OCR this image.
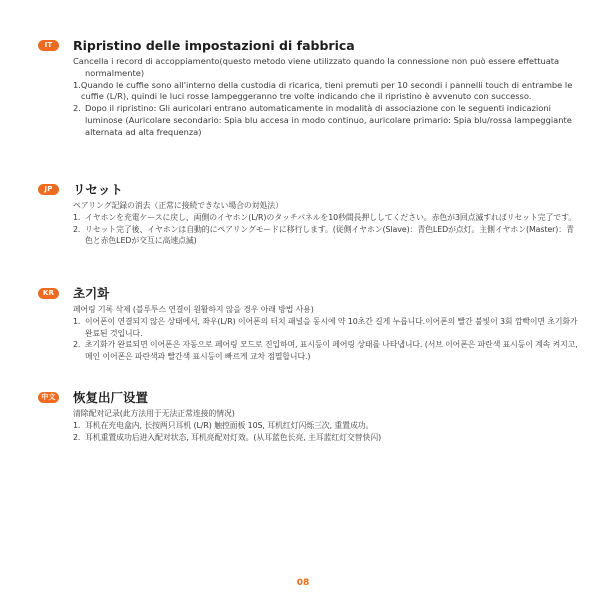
IT	Ripristino delle impostazioni di fabbrica
Cancella i record di accoppiamento(questo metodo viene utilizzato quando la connessione non può essere effettuata normalmente)
1. Quando le cuffie sono all'interno della custodia di ricarica, tieni premuti per 10 secondi i pannelli touch di entrambe le cuffie (L/R), quindi le luci rosse lampeggeranno tre volte indicando che il ripristino è avvenuto con successo.
2. Dopo il ripristino: Gli auricolari entrano automaticamente in modalità di associazione con le seguenti indicazioni luminose (Auricolare secondario: Spia blu accesa in modo continuo, auricolare primario: Spia blu/rossa lampeggiante alternata ad alta frequenza)
JP	リセット
ペアリング記録の消去（正常に接続できない場合の対処法）
1. イヤホンを充電ケースに戻し、両側のイヤホン(L/R)のタッチパネルを10秒間長押ししてください。赤色が3回点滅すればリセット完了です。
2. リセット完了後、イヤホンは自動的にペアリングモードに移行します。(従側イヤホン(Slave)：青色LEDが点灯。主側イヤホン(Master)：青色と赤色LEDが交互に高速点滅)
KR	초기화
페어링 기록 삭제 (블루투스 연결이 원활하지 않을 경우 아래 방법 사용)
1. 이어폰이 연결되지 않은 상태에서, 좌우(L/R) 이어폰의 터치 패널을 동시에 약 10초간 길게 누릅니다.이어폰의 빨간 불빛이 3회 깜빡이면 초기화가 완료된 것입니다.
2. 초기화가 완료되면 이어폰은 자동으로 페어링 모드로 진입하며, 표시등이 페어링 상태를 나타냅니다. (서브 이어폰은 파란색 표시등이 계속 켜지고, 메인 이어폰은 파란색과 빨간색 표시등이 빠르게 교차 점멸합니다.)
中文 恢复出厂设置
清除配对记录(此方法用于无法正常连接的情况)
1. 耳机在充电盒内, 长按两只耳机 (L/R) 触控面板 10S, 耳机红灯闪烁三次, 重置成功。
2. 耳机重置成功后进入配对状态, 耳机亮配对灯效。(从耳蓝色长亮, 主耳蓝红灯交替快闪)
08
